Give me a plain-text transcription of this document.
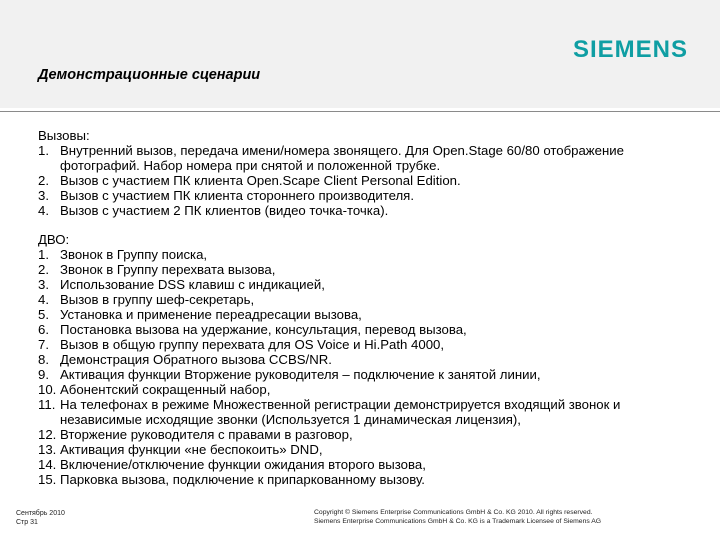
SIEMENS
Демонстрационные сценарии

Вызовы:

1. Внутренний вызов, передача имени/номера звонящего. Для Open.Stage 60/80 отображение фотографий. Набор номера при снятой и положенной трубке.

2. Вызов с участием ПК клиента Open.Scape Client Personal Edition.

3. Вызов с участием ПК клиента стороннего производителя.

4. Вызов с участием 2 ПК клиентов (видео точка-точка).

ДВО:

1. Звонок в Группу поиска,

2. Звонок в Группу перехвата вызова,

3. Использование DSS клавиш с индикацией,

4. Вызов в группу шеф-секретарь,

5. Установка и применение переадресации вызова,

6. Постановка вызова на удержание, консультация, перевод вызова,

7. Вызов в общую группу перехвата для OS Voice и Hi.Path 4000,

8. Демонстрация Обратного вызова CCBS/NR.

9. Активация функции Вторжение руководителя – подключение к занятой линии,

10. Абонентский сокращенный набор,

11. На телефонах в режиме Множественной регистрации демонстрируется входящий звонок и независимые исходящие звонки (Используется 1 динамическая лицензия),

12. Вторжение руководителя с правами в разговор,

13. Активация функции «не беспокоить» DND,

14. Включение/отключение функции ожидания второго вызова,

15. Парковка вызова, подключение к припаркованному вызову.

Сентябрь 2010
Стр 31
Copyright © Siemens Enterprise Communications GmbH & Co. KG 2010. All rights reserved.
Siemens Enterprise Communications GmbH & Co. KG is a Trademark Licensee of Siemens AG
